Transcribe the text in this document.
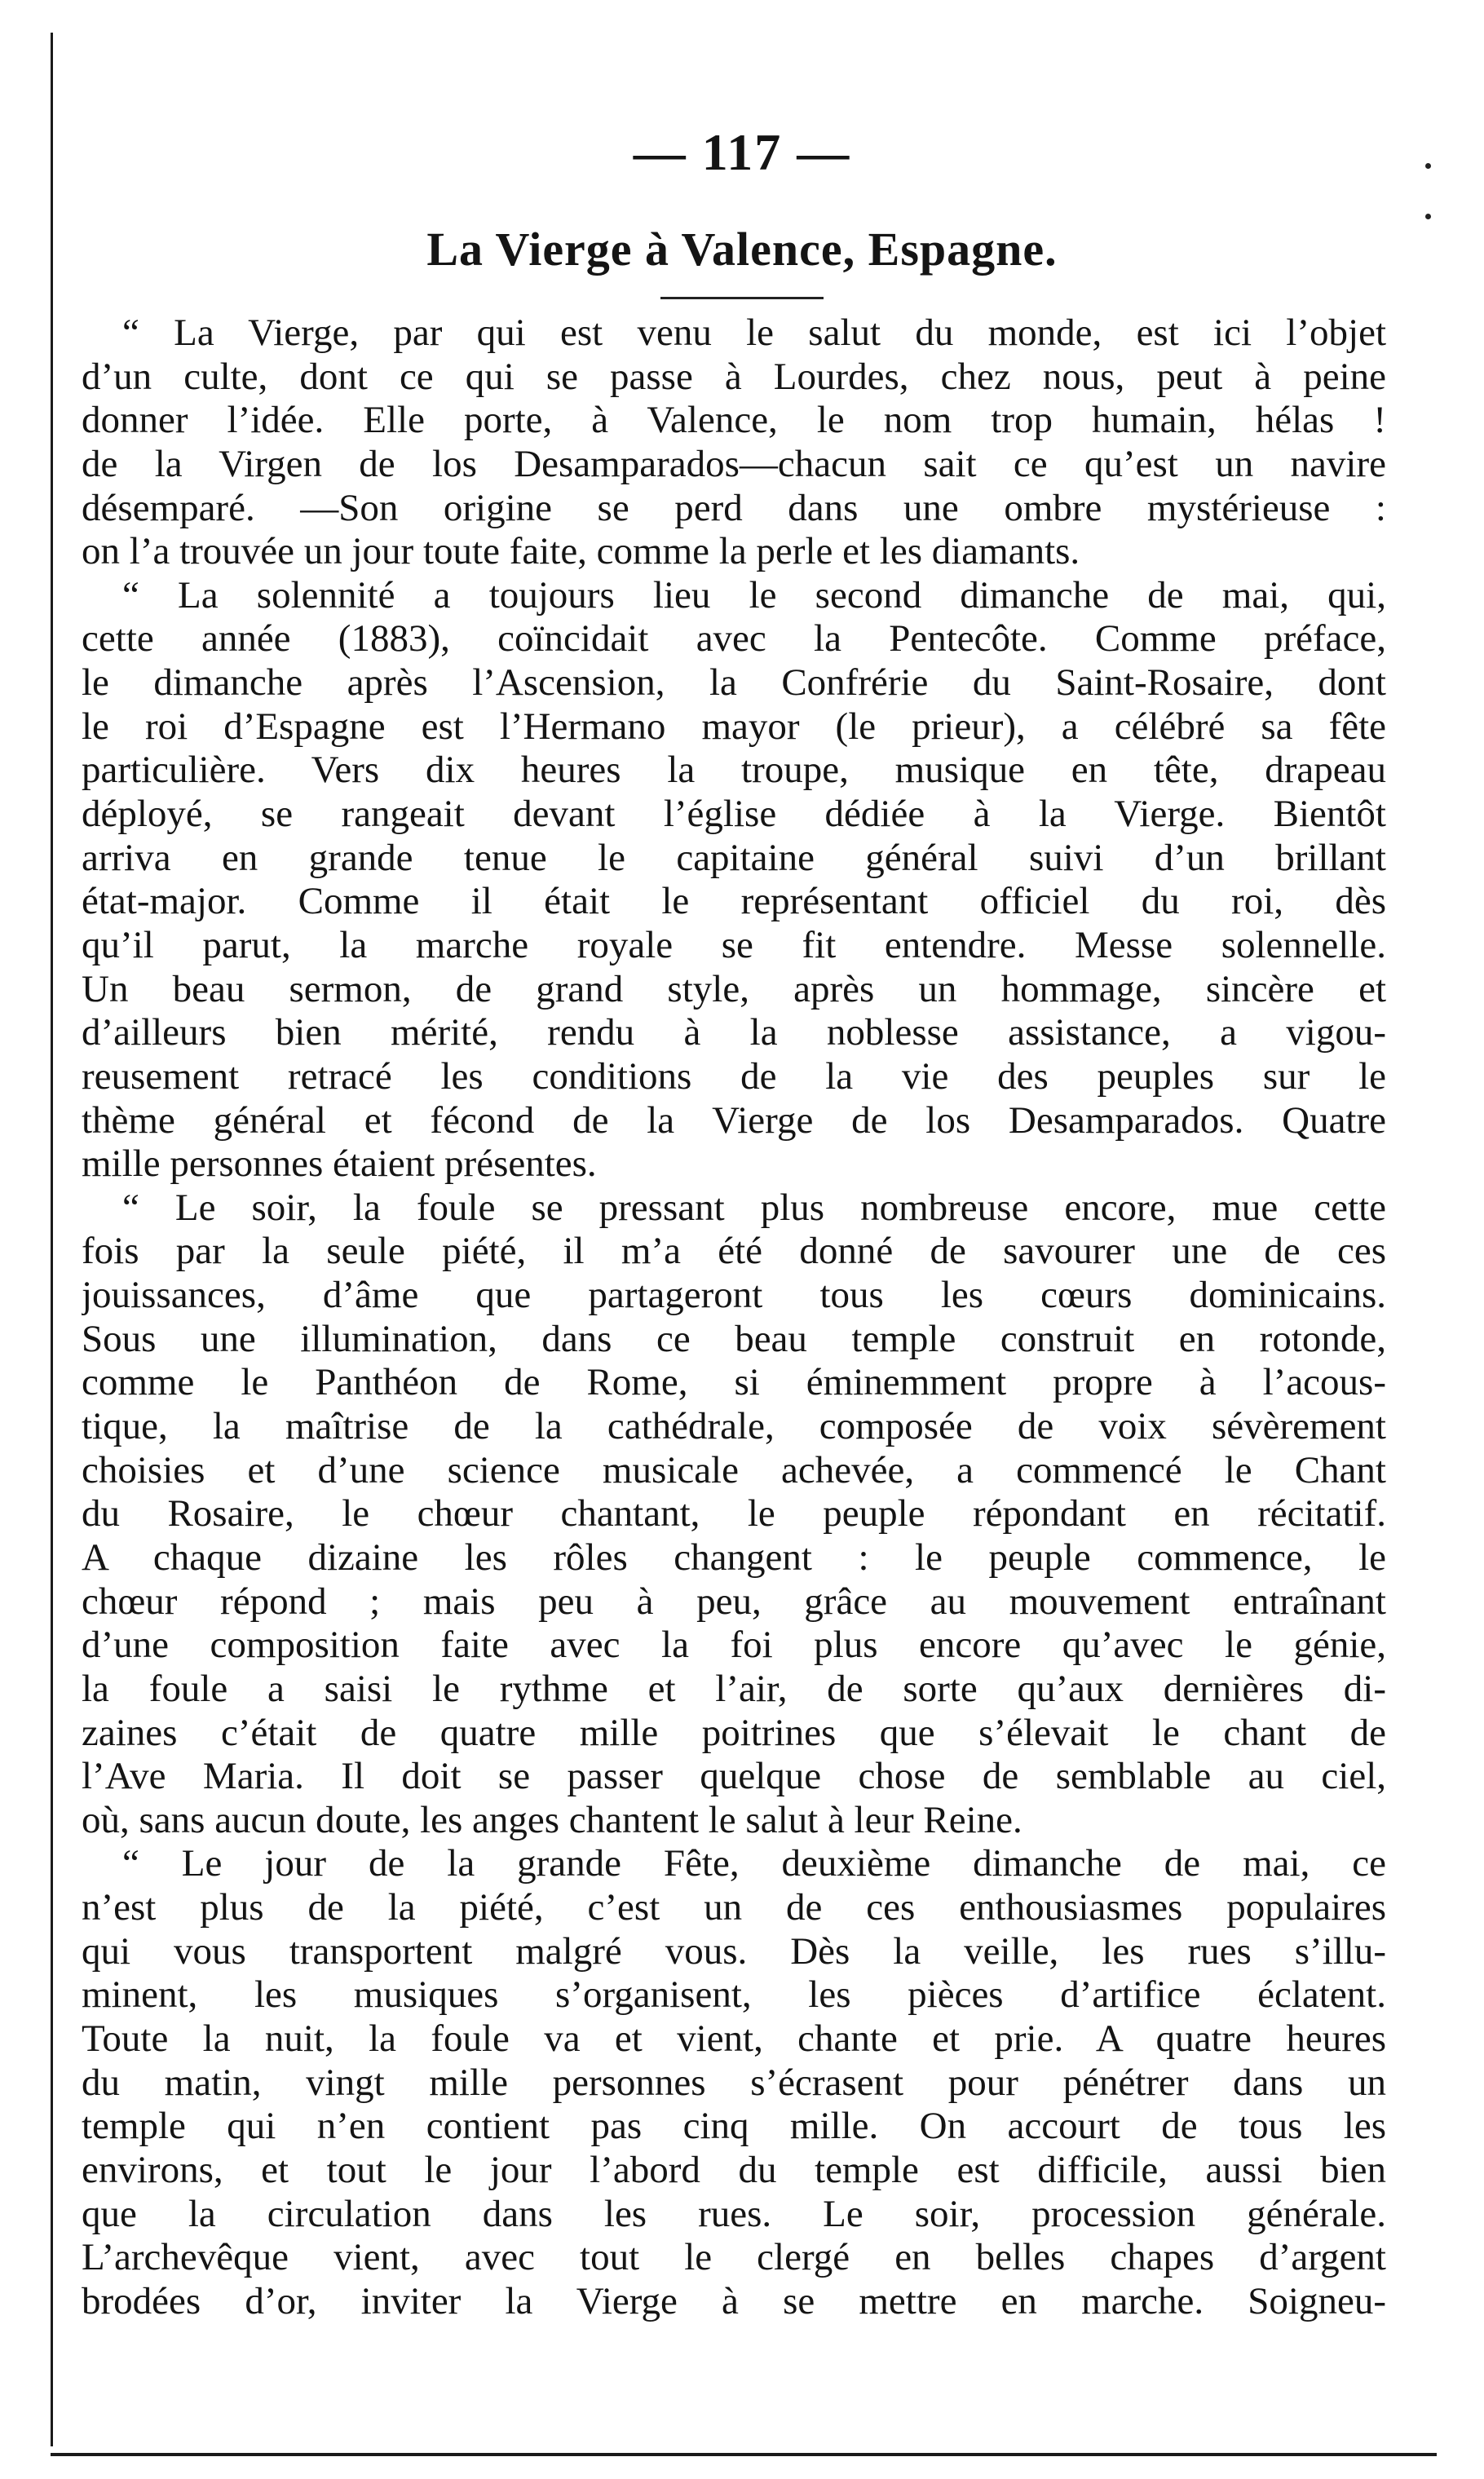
— 117 —
La Vierge à Valence, Espagne.
“ La Vierge, par qui est venu le salut du monde, est ici l’objet
d’un culte, dont ce qui se passe à Lourdes, chez nous, peut à peine
donner l’idée. Elle porte, à Valence, le nom trop humain, hélas !
de la Virgen de los Desamparados—chacun sait ce qu’est un navire
désemparé. —Son origine se perd dans une ombre mystérieuse :
on l’a trouvée un jour toute faite, comme la perle et les diamants.
“ La solennité a toujours lieu le second dimanche de mai, qui,
cette année (1883), coïncidait avec la Pentecôte. Comme préface,
le dimanche après l’Ascension, la Confrérie du Saint-Rosaire, dont
le roi d’Espagne est l’Hermano mayor (le prieur), a célébré sa fête
particulière. Vers dix heures la troupe, musique en tête, drapeau
déployé, se rangeait devant l’église dédiée à la Vierge. Bientôt
arriva en grande tenue le capitaine général suivi d’un brillant
état-major. Comme il était le représentant officiel du roi, dès
qu’il parut, la marche royale se fit entendre. Messe solennelle.
Un beau sermon, de grand style, après un hommage, sincère et
d’ailleurs bien mérité, rendu à la noblesse assistance, a vigou-
reusement retracé les conditions de la vie des peuples sur le
thème général et fécond de la Vierge de los Desamparados. Quatre
mille personnes étaient présentes.
“ Le soir, la foule se pressant plus nombreuse encore, mue cette
fois par la seule piété, il m’a été donné de savourer une de ces
jouissances, d’âme que partageront tous les cœurs dominicains.
Sous une illumination, dans ce beau temple construit en rotonde,
comme le Panthéon de Rome, si éminemment propre à l’acous-
tique, la maîtrise de la cathédrale, composée de voix sévèrement
choisies et d’une science musicale achevée, a commencé le Chant
du Rosaire, le chœur chantant, le peuple répondant en récitatif.
A chaque dizaine les rôles changent : le peuple commence, le
chœur répond ; mais peu à peu, grâce au mouvement entraînant
d’une composition faite avec la foi plus encore qu’avec le génie,
la foule a saisi le rythme et l’air, de sorte qu’aux dernières di-
zaines c’était de quatre mille poitrines que s’élevait le chant de
l’Ave Maria. Il doit se passer quelque chose de semblable au ciel,
où, sans aucun doute, les anges chantent le salut à leur Reine.
“ Le jour de la grande Fête, deuxième dimanche de mai, ce
n’est plus de la piété, c’est un de ces enthousiasmes populaires
qui vous transportent malgré vous. Dès la veille, les rues s’illu-
minent, les musiques s’organisent, les pièces d’artifice éclatent.
Toute la nuit, la foule va et vient, chante et prie. A quatre heures
du matin, vingt mille personnes s’écrasent pour pénétrer dans un
temple qui n’en contient pas cinq mille. On accourt de tous les
environs, et tout le jour l’abord du temple est difficile, aussi bien
que la circulation dans les rues. Le soir, procession générale.
L’archevêque vient, avec tout le clergé en belles chapes d’argent
brodées d’or, inviter la Vierge à se mettre en marche. Soigneu-
